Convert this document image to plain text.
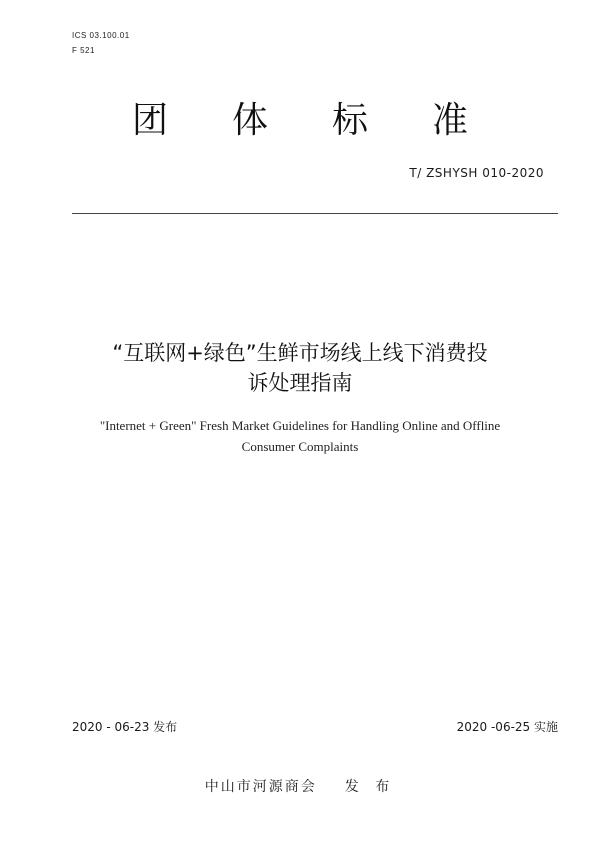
ICS 03.100.01
F 521
团 体 标 准
T/ ZSHYSH 010-2020
“互联网+绿色”生鲜市场线上线下消费投
诉处理指南
"Internet + Green" Fresh Market Guidelines for Handling Online and Offline
Consumer Complaints
2020 - 06-23 发布	2020 -06-25 实施
中山市河源商会 发 布
